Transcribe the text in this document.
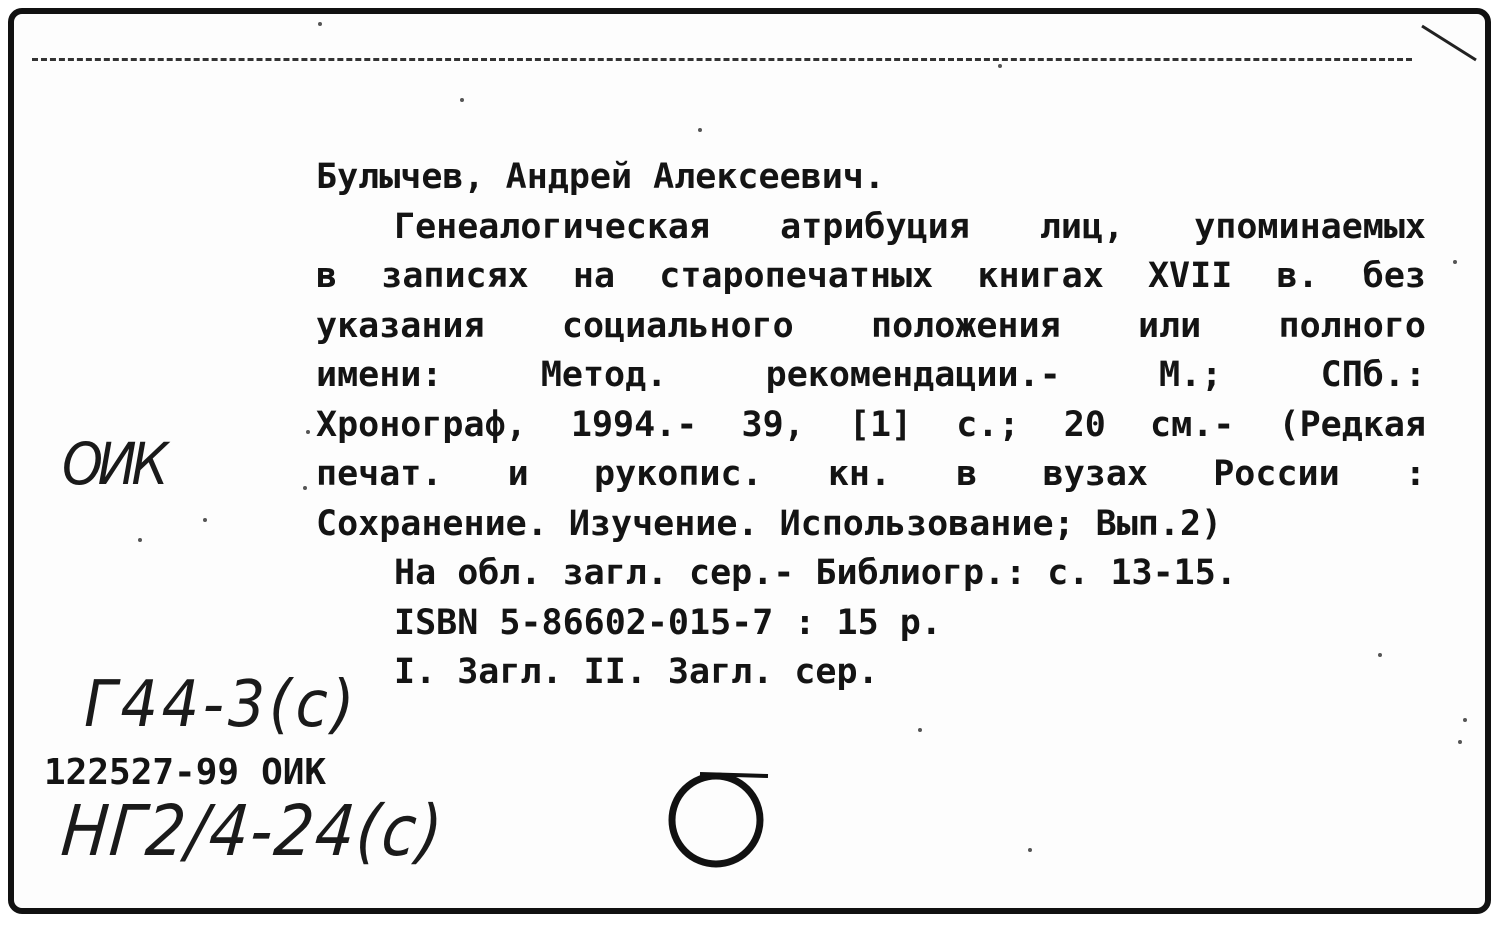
Булычев, Андрей Алексеевич.
Генеалогическая атрибуция лиц, упоминаемых
в записях на старопечатных книгах XVII в. без
указания социального положения или полного
имени: Метод. рекомендации.- М.; СПб.:
Хронограф, 1994.- 39, [1] с.; 20 см.- (Редкая
печат. и рукопис. кн. в вузах России :
Сохранение. Изучение. Использование; Вып.2)
На обл. загл. сер.- Библиогр.: с. 13-15.
ISBN 5-86602-015-7 : 15 р.
I. Загл. II. Загл. сер.
122527-99 ОИК
ОИК
Г44-3(с)
НГ2/4-24(с)
